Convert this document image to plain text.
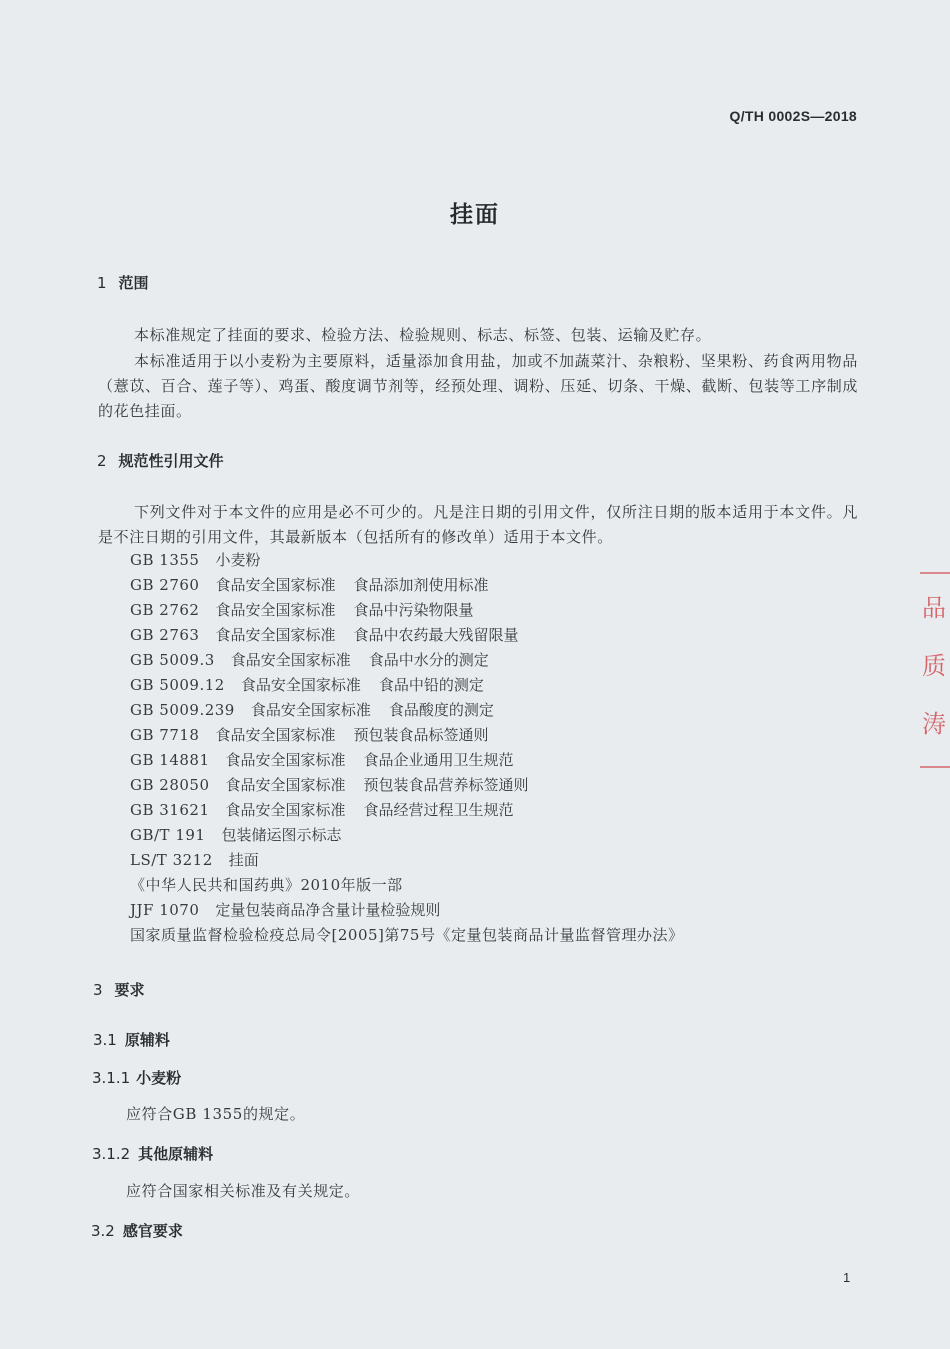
Q/TH 0002S—2018
挂面
1 范围
本标准规定了挂面的要求、检验方法、检验规则、标志、标签、包装、运输及贮存。
本标准适用于以小麦粉为主要原料，适量添加食用盐，加或不加蔬菜汁、杂粮粉、坚果粉、药食两用物品（薏苡、百合、莲子等）、鸡蛋、酸度调节剂等，经预处理、调粉、压延、切条、干燥、截断、包装等工序制成的花色挂面。
2 规范性引用文件
下列文件对于本文件的应用是必不可少的。凡是注日期的引用文件，仅所注日期的版本适用于本文件。凡是不注日期的引用文件，其最新版本（包括所有的修改单）适用于本文件。
GB 1355 小麦粉
GB 2760 食品安全国家标准 食品添加剂使用标准
GB 2762 食品安全国家标准 食品中污染物限量
GB 2763 食品安全国家标准 食品中农药最大残留限量
GB 5009.3 食品安全国家标准 食品中水分的测定
GB 5009.12 食品安全国家标准 食品中铅的测定
GB 5009.239 食品安全国家标准 食品酸度的测定
GB 7718 食品安全国家标准 预包装食品标签通则
GB 14881 食品安全国家标准 食品企业通用卫生规范
GB 28050 食品安全国家标准 预包装食品营养标签通则
GB 31621 食品安全国家标准 食品经营过程卫生规范
GB/T 191 包装储运图示标志
LS/T 3212 挂面
《中华人民共和国药典》2010年版一部
JJF 1070 定量包装商品净含量计量检验规则
国家质量监督检验检疫总局令[2005]第75号《定量包装商品计量监督管理办法》
3 要求
3.1 原辅料
3.1.1 小麦粉
应符合GB 1355的规定。
3.1.2 其他原辅料
应符合国家相关标准及有关规定。
3.2 感官要求
品
质
涛
1
